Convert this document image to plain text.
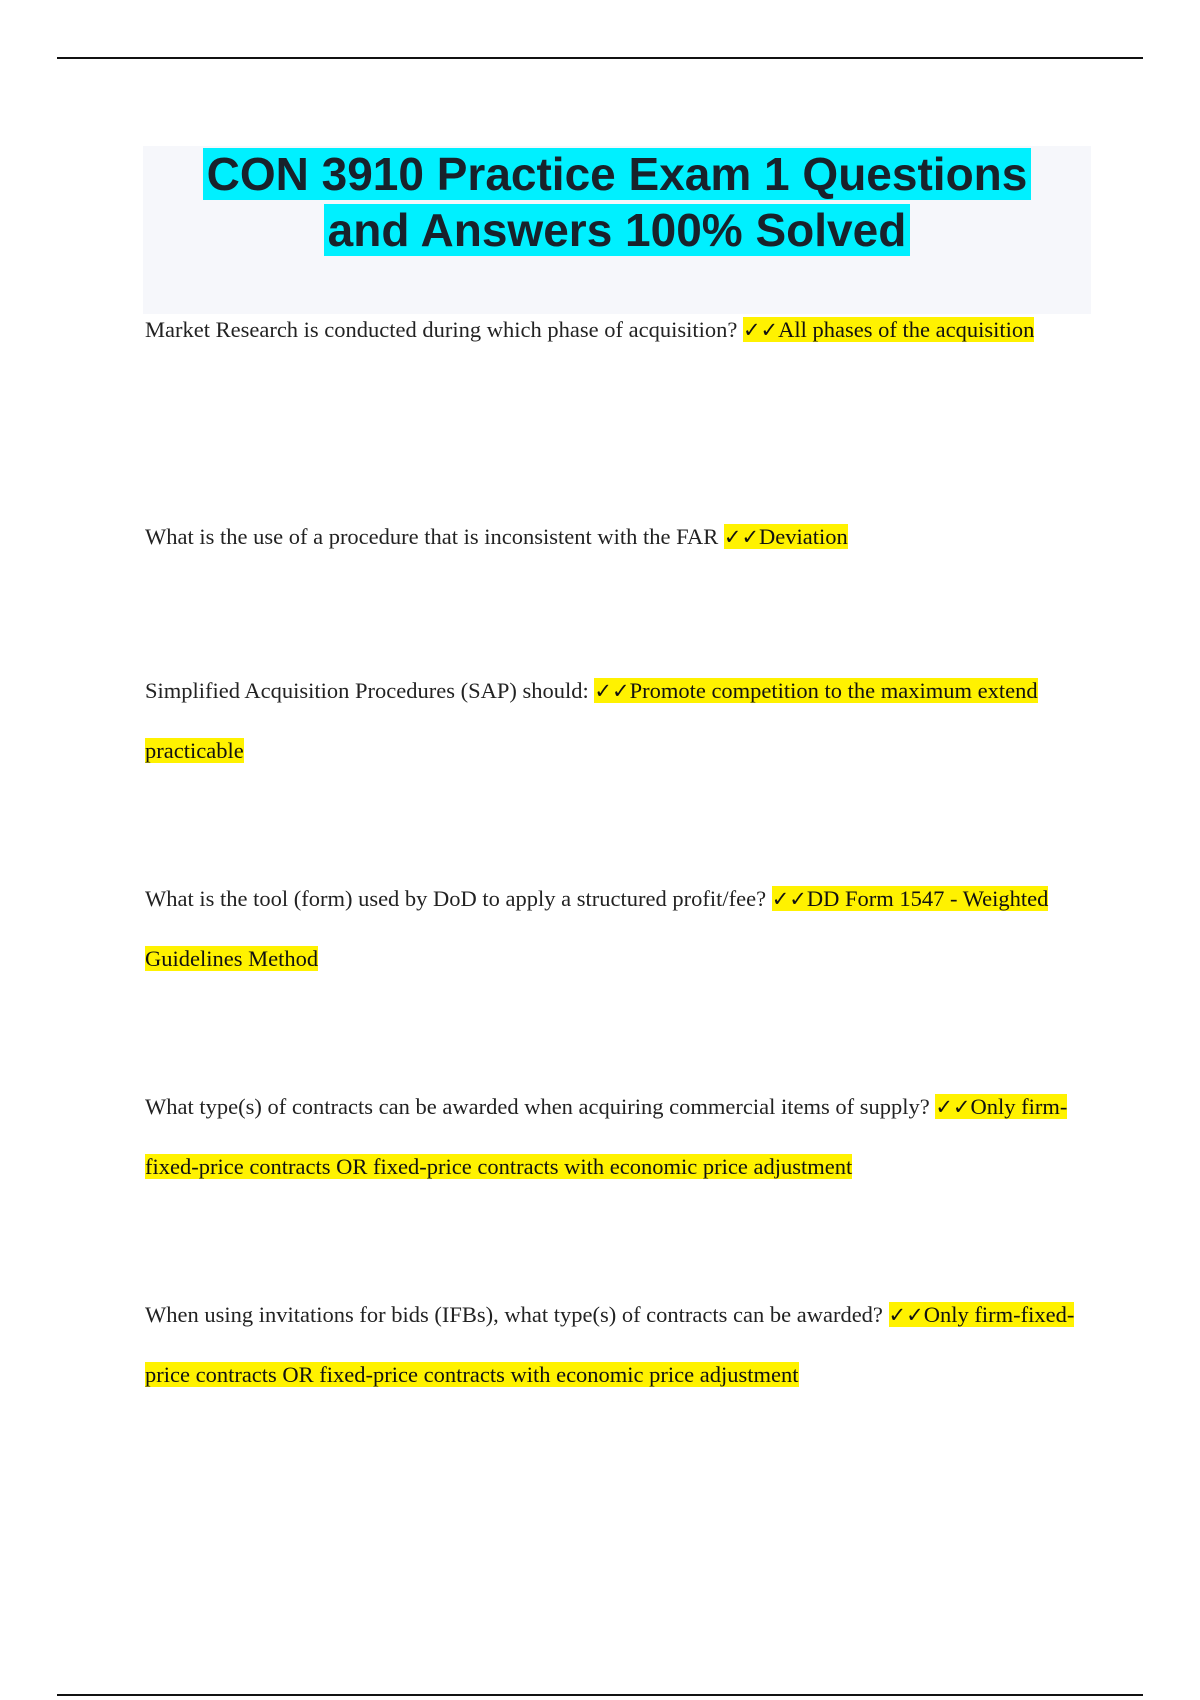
CON 3910 Practice Exam 1 Questions
and Answers 100% Solved

Market Research is conducted during which phase of acquisition? ✓✓All phases of the acquisition

What is the use of a procedure that is inconsistent with the FAR ✓✓Deviation

Simplified Acquisition Procedures (SAP) should: ✓✓Promote competition to the maximum extend practicable

What is the tool (form) used by DoD to apply a structured profit/fee? ✓✓DD Form 1547 - Weighted Guidelines Method

What type(s) of contracts can be awarded when acquiring commercial items of supply? ✓✓Only firm-fixed-price contracts OR fixed-price contracts with economic price adjustment

When using invitations for bids (IFBs), what type(s) of contracts can be awarded? ✓✓Only firm-fixed-price contracts OR fixed-price contracts with economic price adjustment
